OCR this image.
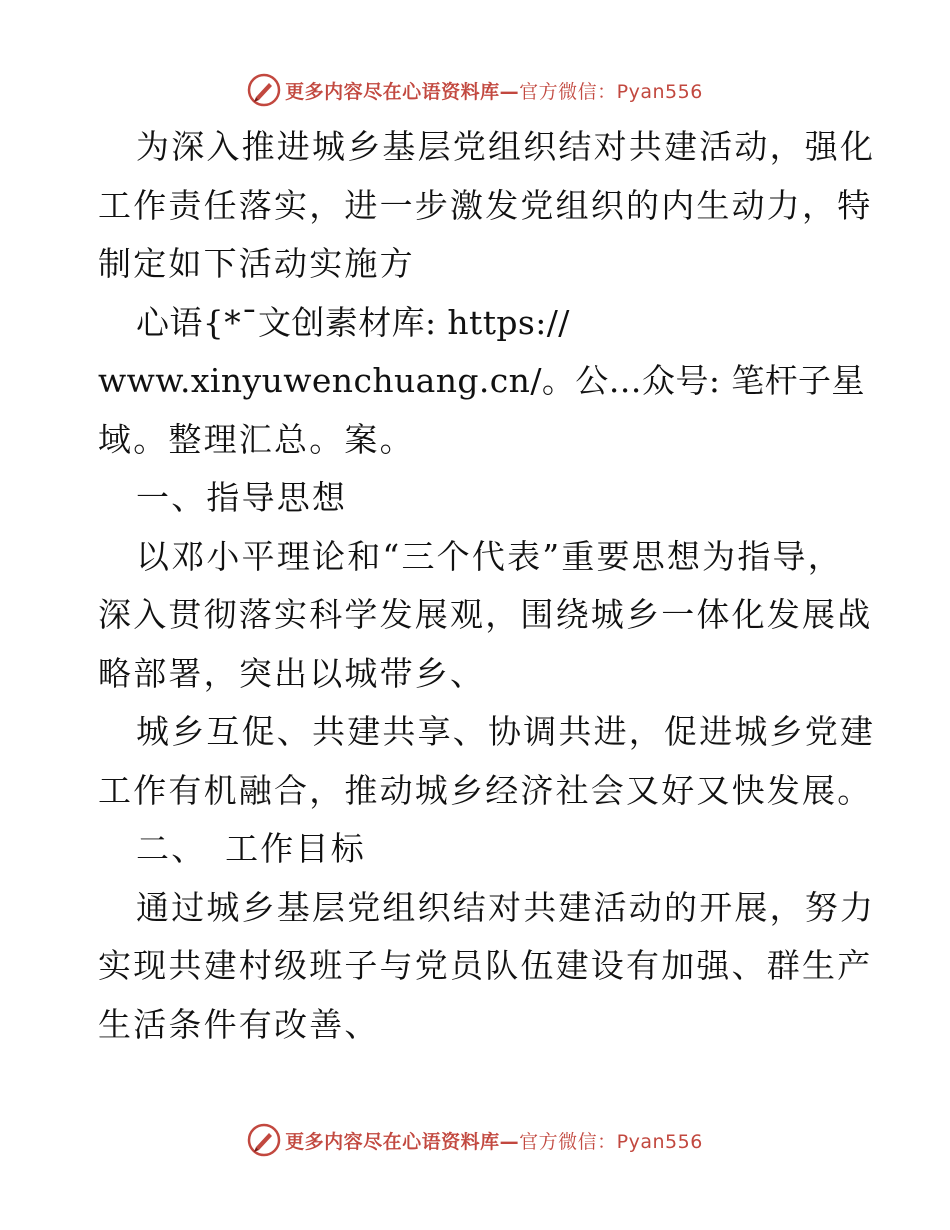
更多内容尽在心语资料库—官方微信：Pyan556
为深入推进城乡基层党组织结对共建活动，强化
工作责任落实，进一步激发党组织的内生动力，特
制定如下活动实施方
心语{*¯文创素材库: https://
www.xinyuwenchuang.cn/。公…众号: 笔杆子星
域。整理汇总。案。
一、指导思想
以邓小平理论和“三个代表”重要思想为指导，
深入贯彻落实科学发展观，围绕城乡一体化发展战
略部署，突出以城带乡、
城乡互促、共建共享、协调共进，促进城乡党建
工作有机融合，推动城乡经济社会又好又快发展。
二、　工作目标
通过城乡基层党组织结对共建活动的开展，努力
实现共建村级班子与党员队伍建设有加强、群生产
生活条件有改善、
更多内容尽在心语资料库—官方微信：Pyan556
